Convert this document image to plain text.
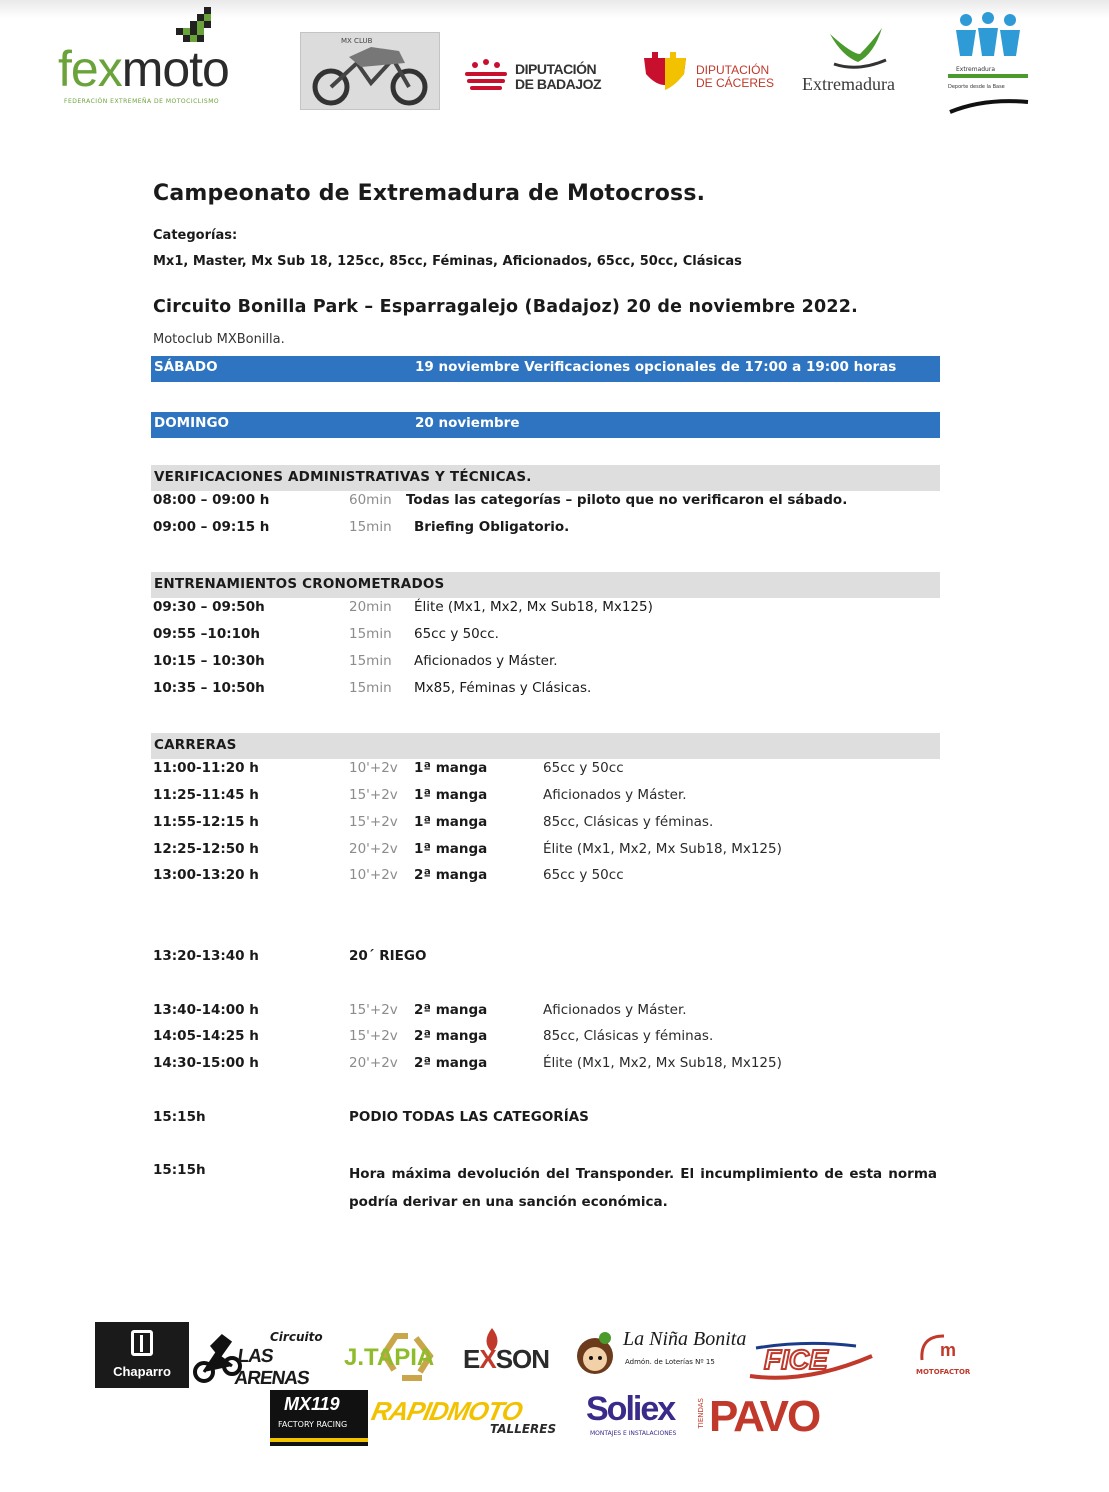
fexmoto
FEDERACIÓN EXTREMEÑA DE MOTOCICLISMO
MX CLUB
DIPUTACIÓN
DE BADAJOZ
DIPUTACIÓN
DE CÁCERES Extremadura
Extremadura
Deporte desde la Base
Campeonato de Extremadura de Motocross.
Categorías:
Mx1, Master, Mx Sub 18, 125cc, 85cc, Féminas, Aficionados, 65cc, 50cc, Clásicas
Circuito Bonilla Park – Esparragalejo (Badajoz) 20 de noviembre 2022.
Motoclub MXBonilla.
SÁBADO	19 noviembre Verificaciones opcionales de 17:00 a 19:00 horas
DOMINGO	20 noviembre
VERIFICACIONES ADMINISTRATIVAS Y TÉCNICAS.
08:00 – 09:00 h	60min Todas las categorías – piloto que no verificaron el sábado.
09:00 – 09:15 h	15min Briefing Obligatorio.
ENTRENAMIENTOS CRONOMETRADOS
09:30 – 09:50h	20min Élite (Mx1, Mx2, Mx Sub18, Mx125)
09:55 –10:10h	15min 65cc y 50cc.
10:15 – 10:30h	15min Aficionados y Máster.
10:35 – 10:50h	15min Mx85, Féminas y Clásicas.
CARRERAS
11:00-11:20 h	10'+2v 1ª manga	65cc y 50cc
11:25-11:45 h	15'+2v 1ª manga	Aficionados y Máster.
11:55-12:15 h	15'+2v 1ª manga	85cc, Clásicas y féminas.
12:25-12:50 h	20'+2v 1ª manga	Élite (Mx1, Mx2, Mx Sub18, Mx125)
13:00-13:20 h	10'+2v 2ª manga	65cc y 50cc
13:20-13:40 h	20´ RIEGO
13:40-14:00 h	15'+2v 2ª manga	Aficionados y Máster.
14:05-14:25 h	15'+2v 2ª manga	85cc, Clásicas y féminas.
14:30-15:00 h	20'+2v 2ª manga	Élite (Mx1, Mx2, Mx Sub18, Mx125)
15:15h	PODIO TODAS LAS CATEGORÍAS
15:15h	Hora máxima devolución del Transponder. El incumplimiento de esta norma podría derivar en una sanción económica.
Chaparro
Circuito
LAS ARENAS
J.TAPIA EXSON
La Niña Bonita
Admón. de Loterías Nº 15 FICE	m
MOTOFACTOR
MX119
FACTORY RACING RAPIDMOTO
TALLERES
Soliex
MONTAJES E INSTALACIONES
TIENDAS PAVO
